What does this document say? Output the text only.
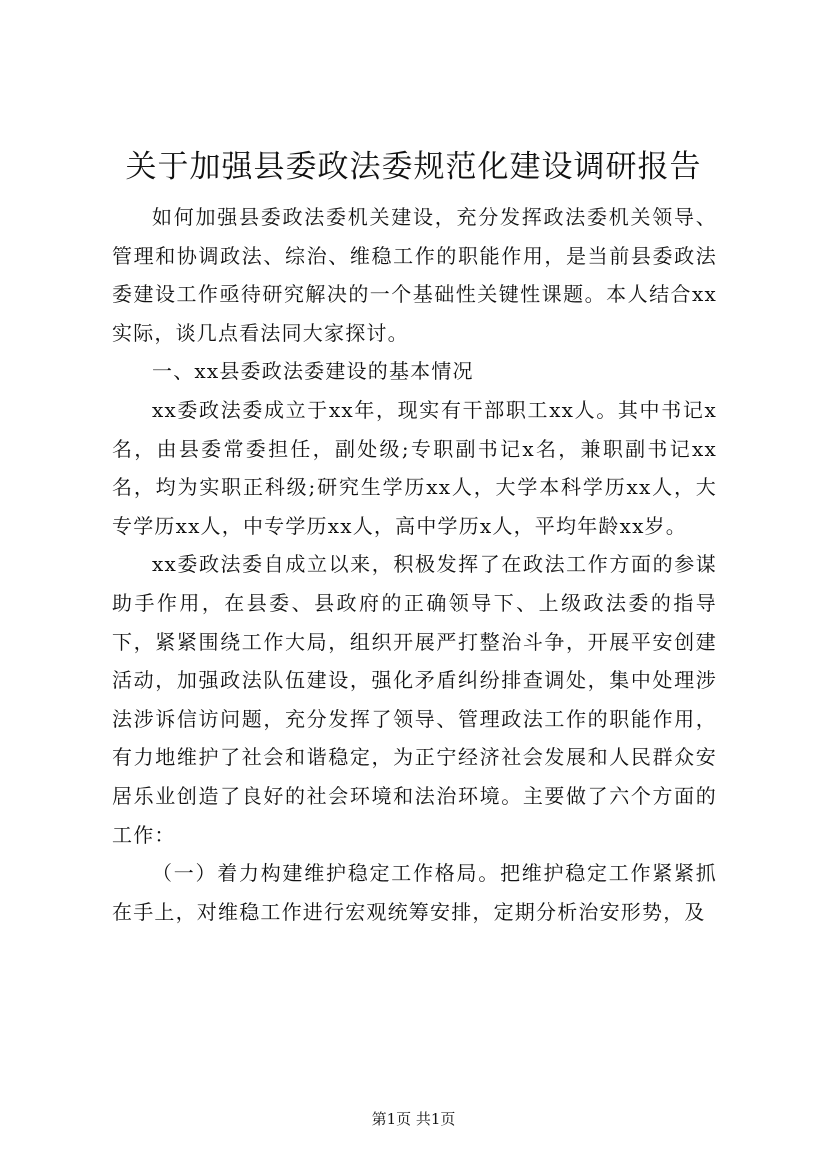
关于加强县委政法委规范化建设调研报告

如何加强县委政法委机关建设，充分发挥政法委机关领导、管理和协调政法、综治、维稳工作的职能作用，是当前县委政法委建设工作亟待研究解决的一个基础性关键性课题。本人结合xx实际，谈几点看法同大家探讨。

一、xx县委政法委建设的基本情况

xx委政法委成立于xx年，现实有干部职工xx人。其中书记x名，由县委常委担任，副处级;专职副书记x名，兼职副书记xx名，均为实职正科级;研究生学历xx人，大学本科学历xx人，大专学历xx人，中专学历xx人，高中学历x人，平均年龄xx岁。

xx委政法委自成立以来，积极发挥了在政法工作方面的参谋助手作用，在县委、县政府的正确领导下、上级政法委的指导下，紧紧围绕工作大局，组织开展严打整治斗争，开展平安创建活动，加强政法队伍建设，强化矛盾纠纷排查调处，集中处理涉法涉诉信访问题，充分发挥了领导、管理政法工作的职能作用，有力地维护了社会和谐稳定，为正宁经济社会发展和人民群众安居乐业创造了良好的社会环境和法治环境。主要做了六个方面的工作：

（一）着力构建维护稳定工作格局。把维护稳定工作紧紧抓在手上，对维稳工作进行宏观统筹安排，定期分析治安形势，及

第1页 共1页
